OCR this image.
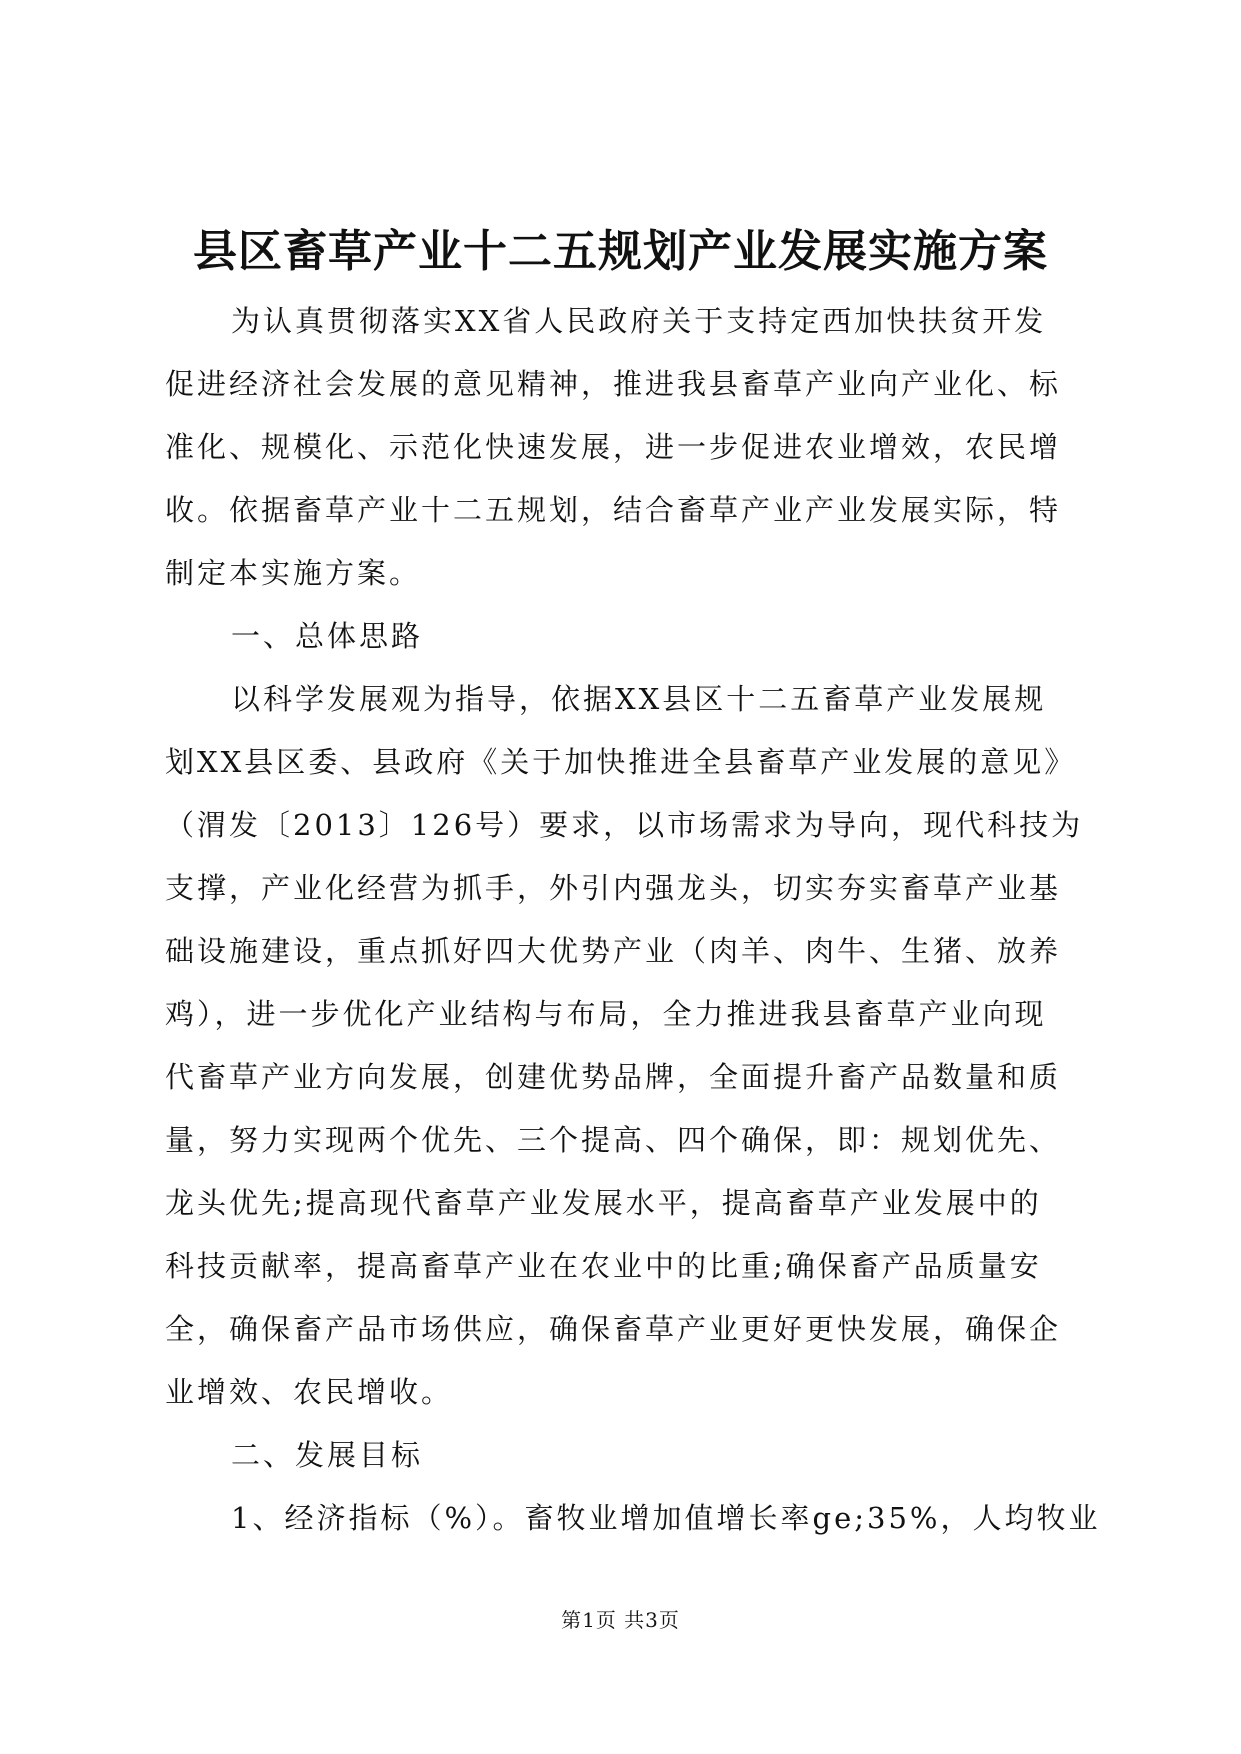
县区畜草产业十二五规划产业发展实施方案
为认真贯彻落实XX省人民政府关于支持定西加快扶贫开发
促进经济社会发展的意见精神，推进我县畜草产业向产业化、标
准化、规模化、示范化快速发展，进一步促进农业增效，农民增
收。依据畜草产业十二五规划，结合畜草产业产业发展实际，特
制定本实施方案。
一、总体思路
以科学发展观为指导，依据XX县区十二五畜草产业发展规
划XX县区委、县政府《关于加快推进全县畜草产业发展的意见》
（渭发〔2013〕126号）要求，以市场需求为导向，现代科技为
支撑，产业化经营为抓手，外引内强龙头，切实夯实畜草产业基
础设施建设，重点抓好四大优势产业（肉羊、肉牛、生猪、放养
鸡），进一步优化产业结构与布局，全力推进我县畜草产业向现
代畜草产业方向发展，创建优势品牌，全面提升畜产品数量和质
量，努力实现两个优先、三个提高、四个确保，即：规划优先、
龙头优先;提高现代畜草产业发展水平，提高畜草产业发展中的
科技贡献率，提高畜草产业在农业中的比重;确保畜产品质量安
全，确保畜产品市场供应，确保畜草产业更好更快发展，确保企
业增效、农民增收。
二、发展目标
1、经济指标（%）。畜牧业增加值增长率ge;35%，人均牧业
第1页 共3页
